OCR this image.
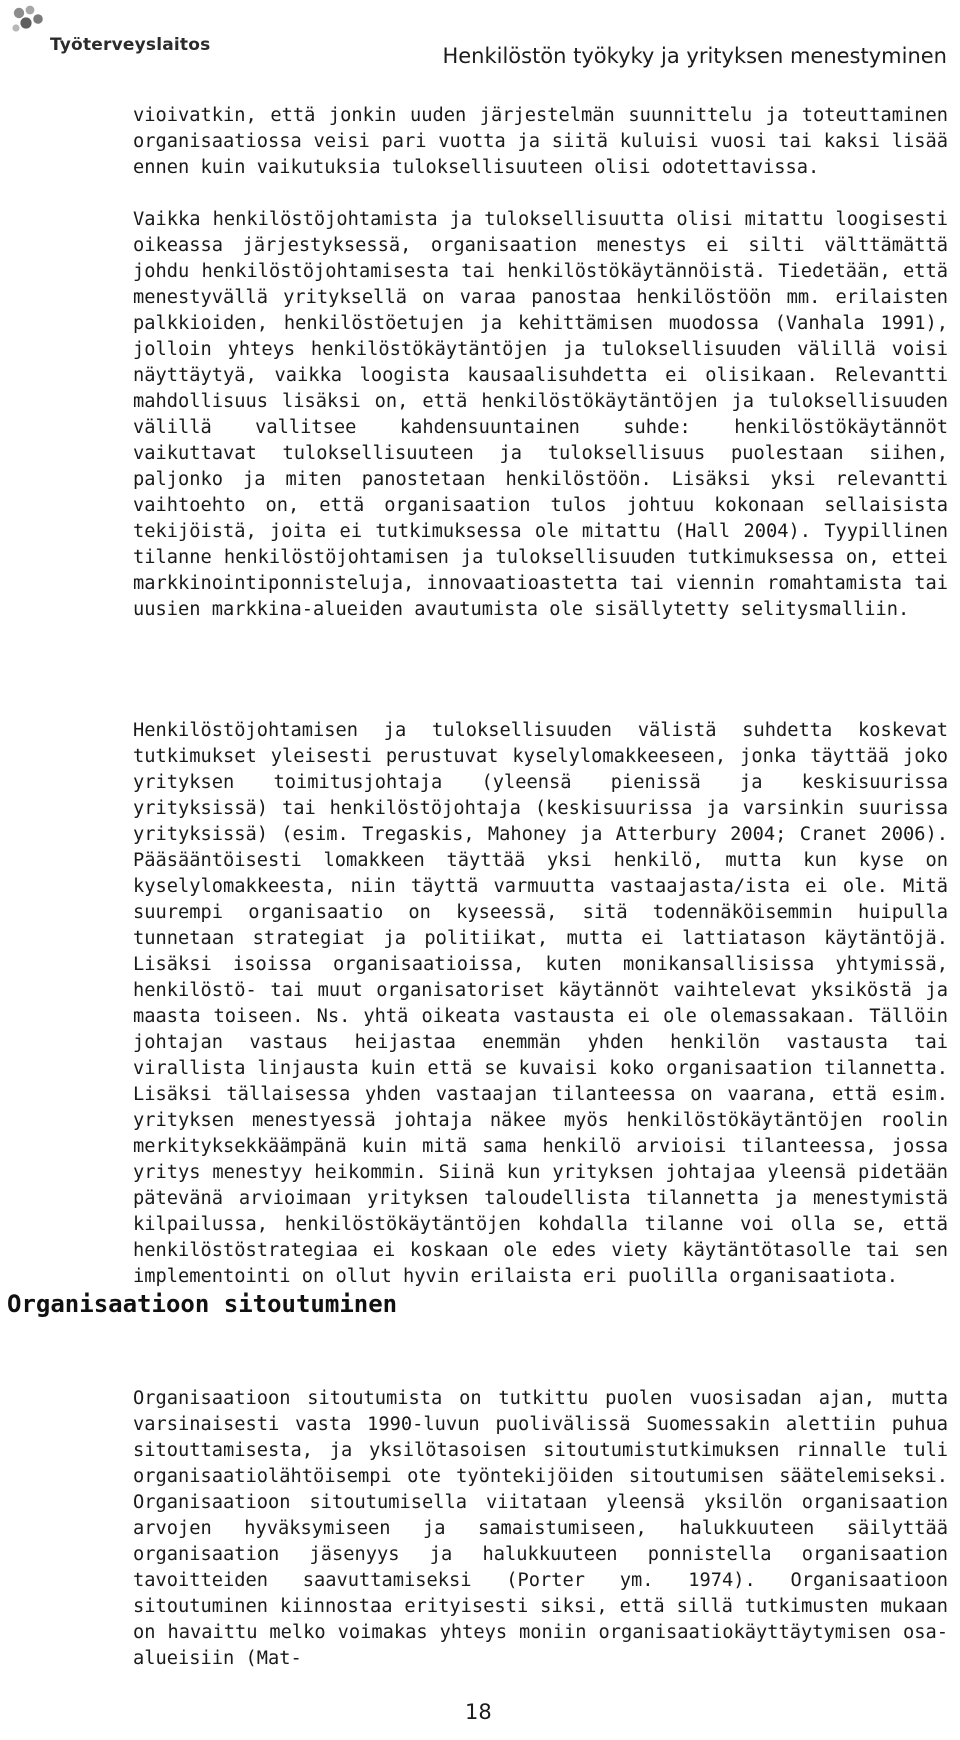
Työterveyslaitos	Henkilöstön työkyky ja yrityksen menestyminen

vioivatkin, että jonkin uuden järjestelmän suunnittelu ja toteuttaminen organisaatiossa veisi pari vuotta ja siitä kuluisi vuosi tai kaksi lisää ennen kuin vaikutuksia tuloksellisuuteen olisi odotettavissa.

Vaikka henkilöstöjohtamista ja tuloksellisuutta olisi mitattu loogisesti oikeassa järjestyksessä, organisaation menestys ei silti välttämättä johdu henkilöstöjohtamisesta tai henkilöstökäytännöistä. Tiedetään, että menestyvällä yrityksellä on varaa panostaa henkilöstöön mm. erilaisten palkkioiden, henkilöstöetujen ja kehittämisen muodossa (Vanhala 1991), jolloin yhteys henkilöstökäytäntöjen ja tuloksellisuuden välillä voisi näyttäytyä, vaikka loogista kausaalisuhdetta ei olisikaan. Relevantti mahdollisuus lisäksi on, että henkilöstökäytäntöjen ja tuloksellisuuden välillä vallitsee kahdensuuntainen suhde: henkilöstökäytännöt vaikuttavat tuloksellisuuteen ja tuloksellisuus puolestaan siihen, paljonko ja miten panostetaan henkilöstöön. Lisäksi yksi relevantti vaihtoehto on, että organisaation tulos johtuu kokonaan sellaisista tekijöistä, joita ei tutkimuksessa ole mitattu (Hall 2004). Tyypillinen tilanne henkilöstöjohtamisen ja tuloksellisuuden tutkimuksessa on, ettei markkinointiponnisteluja, innovaatioastetta tai viennin romahtamista tai uusien markkina-alueiden avautumista ole sisällytetty selitysmalliin.

Henkilöstöjohtamisen ja tuloksellisuuden välistä suhdetta koskevat tutkimukset yleisesti perustuvat kyselylomakkeeseen, jonka täyttää joko yrityksen toimitusjohtaja (yleensä pienissä ja keskisuurissa yrityksissä) tai henkilöstöjohtaja (keskisuurissa ja varsinkin suurissa yrityksissä) (esim. Tregaskis, Mahoney ja Atterbury 2004; Cranet 2006). Pääsääntöisesti lomakkeen täyttää yksi henkilö, mutta kun kyse on kyselylomakkeesta, niin täyttä varmuutta vastaajasta/ista ei ole. Mitä suurempi organisaatio on kyseessä, sitä todennäköisemmin huipulla tunnetaan strategiat ja politiikat, mutta ei lattiatason käytäntöjä. Lisäksi isoissa organisaatioissa, kuten monikansallisissa yhtymissä, henkilöstö- tai muut organisatoriset käytännöt vaihtelevat yksiköstä ja maasta toiseen. Ns. yhtä oikeata vastausta ei ole olemassakaan. Tällöin johtajan vastaus heijastaa enemmän yhden henkilön vastausta tai virallista linjausta kuin että se kuvaisi koko organisaation tilannetta. Lisäksi tällaisessa yhden vastaajan tilanteessa on vaarana, että esim. yrityksen menestyessä johtaja näkee myös henkilöstökäytäntöjen roolin merkityksekkäämpänä kuin mitä sama henkilö arvioisi tilanteessa, jossa yritys menestyy heikommin. Siinä kun yrityksen johtajaa yleensä pidetään pätevänä arvioimaan yrityksen taloudellista tilannetta ja menestymistä kilpailussa, henkilöstökäytäntöjen kohdalla tilanne voi olla se, että henkilöstöstrategiaa ei koskaan ole edes viety käytäntötasolle tai sen implementointi on ollut hyvin erilaista eri puolilla organisaatiota.

Organisaatioon sitoutuminen

Organisaatioon sitoutumista on tutkittu puolen vuosisadan ajan, mutta varsinaisesti vasta 1990-luvun puolivälissä Suomessakin alettiin puhua sitouttamisesta, ja yksilötasoisen sitoutumistutkimuksen rinnalle tuli organisaatiolähtöisempi ote työntekijöiden sitoutumisen säätelemiseksi. Organisaatioon sitoutumisella viitataan yleensä yksilön organisaation arvojen hyväksymiseen ja samaistumiseen, halukkuuteen säilyttää organisaation jäsenyys ja halukkuuteen ponnistella organisaation tavoitteiden saavuttamiseksi (Porter ym. 1974). Organisaatioon sitoutuminen kiinnostaa erityisesti siksi, että sillä tutkimusten mukaan on havaittu melko voimakas yhteys moniin organisaatiokäyttäytymisen osa-alueisiin (Mat-

18
